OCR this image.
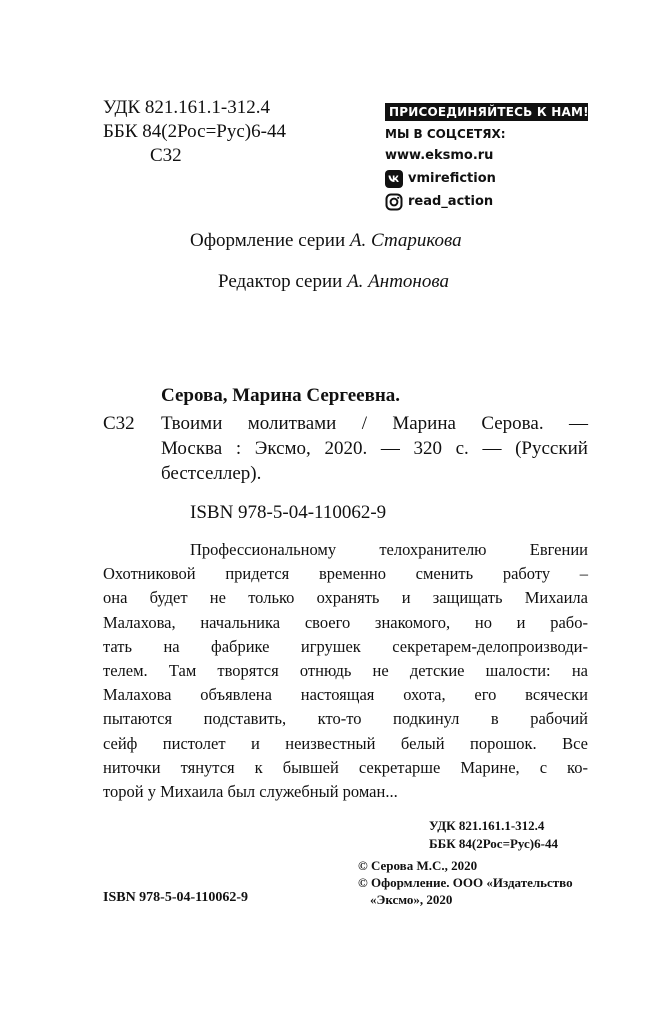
УДК 821.161.1-312.4
ББК 84(2Рос=Рус)6-44
С32
ПРИСОЕДИНЯЙТЕСЬ К НАМ!
МЫ В СОЦСЕТЯХ:
www.eksmo.ru
vmirefiction
read_action
Оформление серии А. Старикова
Редактор серии А. Антонова
Серова, Марина Сергеевна.
С32 Твоими молитвами / Марина Серова. —
Москва : Эксмо, 2020. — 320 с. — (Русский
бестселлер).
ISBN 978-5-04-110062-9
Профессиональному	телохранителю	Евгении
Охотниковой придется временно сменить работу –
она будет не только охранять и защищать Михаила
Малахова, начальника своего знакомого, но и рабо-
тать на фабрике игрушек секретарем-делопроизводи-
телем. Там творятся отнюдь не детские шалости: на
Малахова объявлена настоящая охота, его всячески
пытаются подставить, кто-то подкинул в рабочий
сейф пистолет и неизвестный белый порошок. Все
ниточки тянутся к бывшей секретарше Марине, с ко-
торой у Михаила был служебный роман...
УДК 821.161.1-312.4
ББК 84(2Рос=Рус)6-44
© Серова М.С., 2020
© Оформление. ООО «Издательство
«Эксмо», 2020
ISBN 978-5-04-110062-9
